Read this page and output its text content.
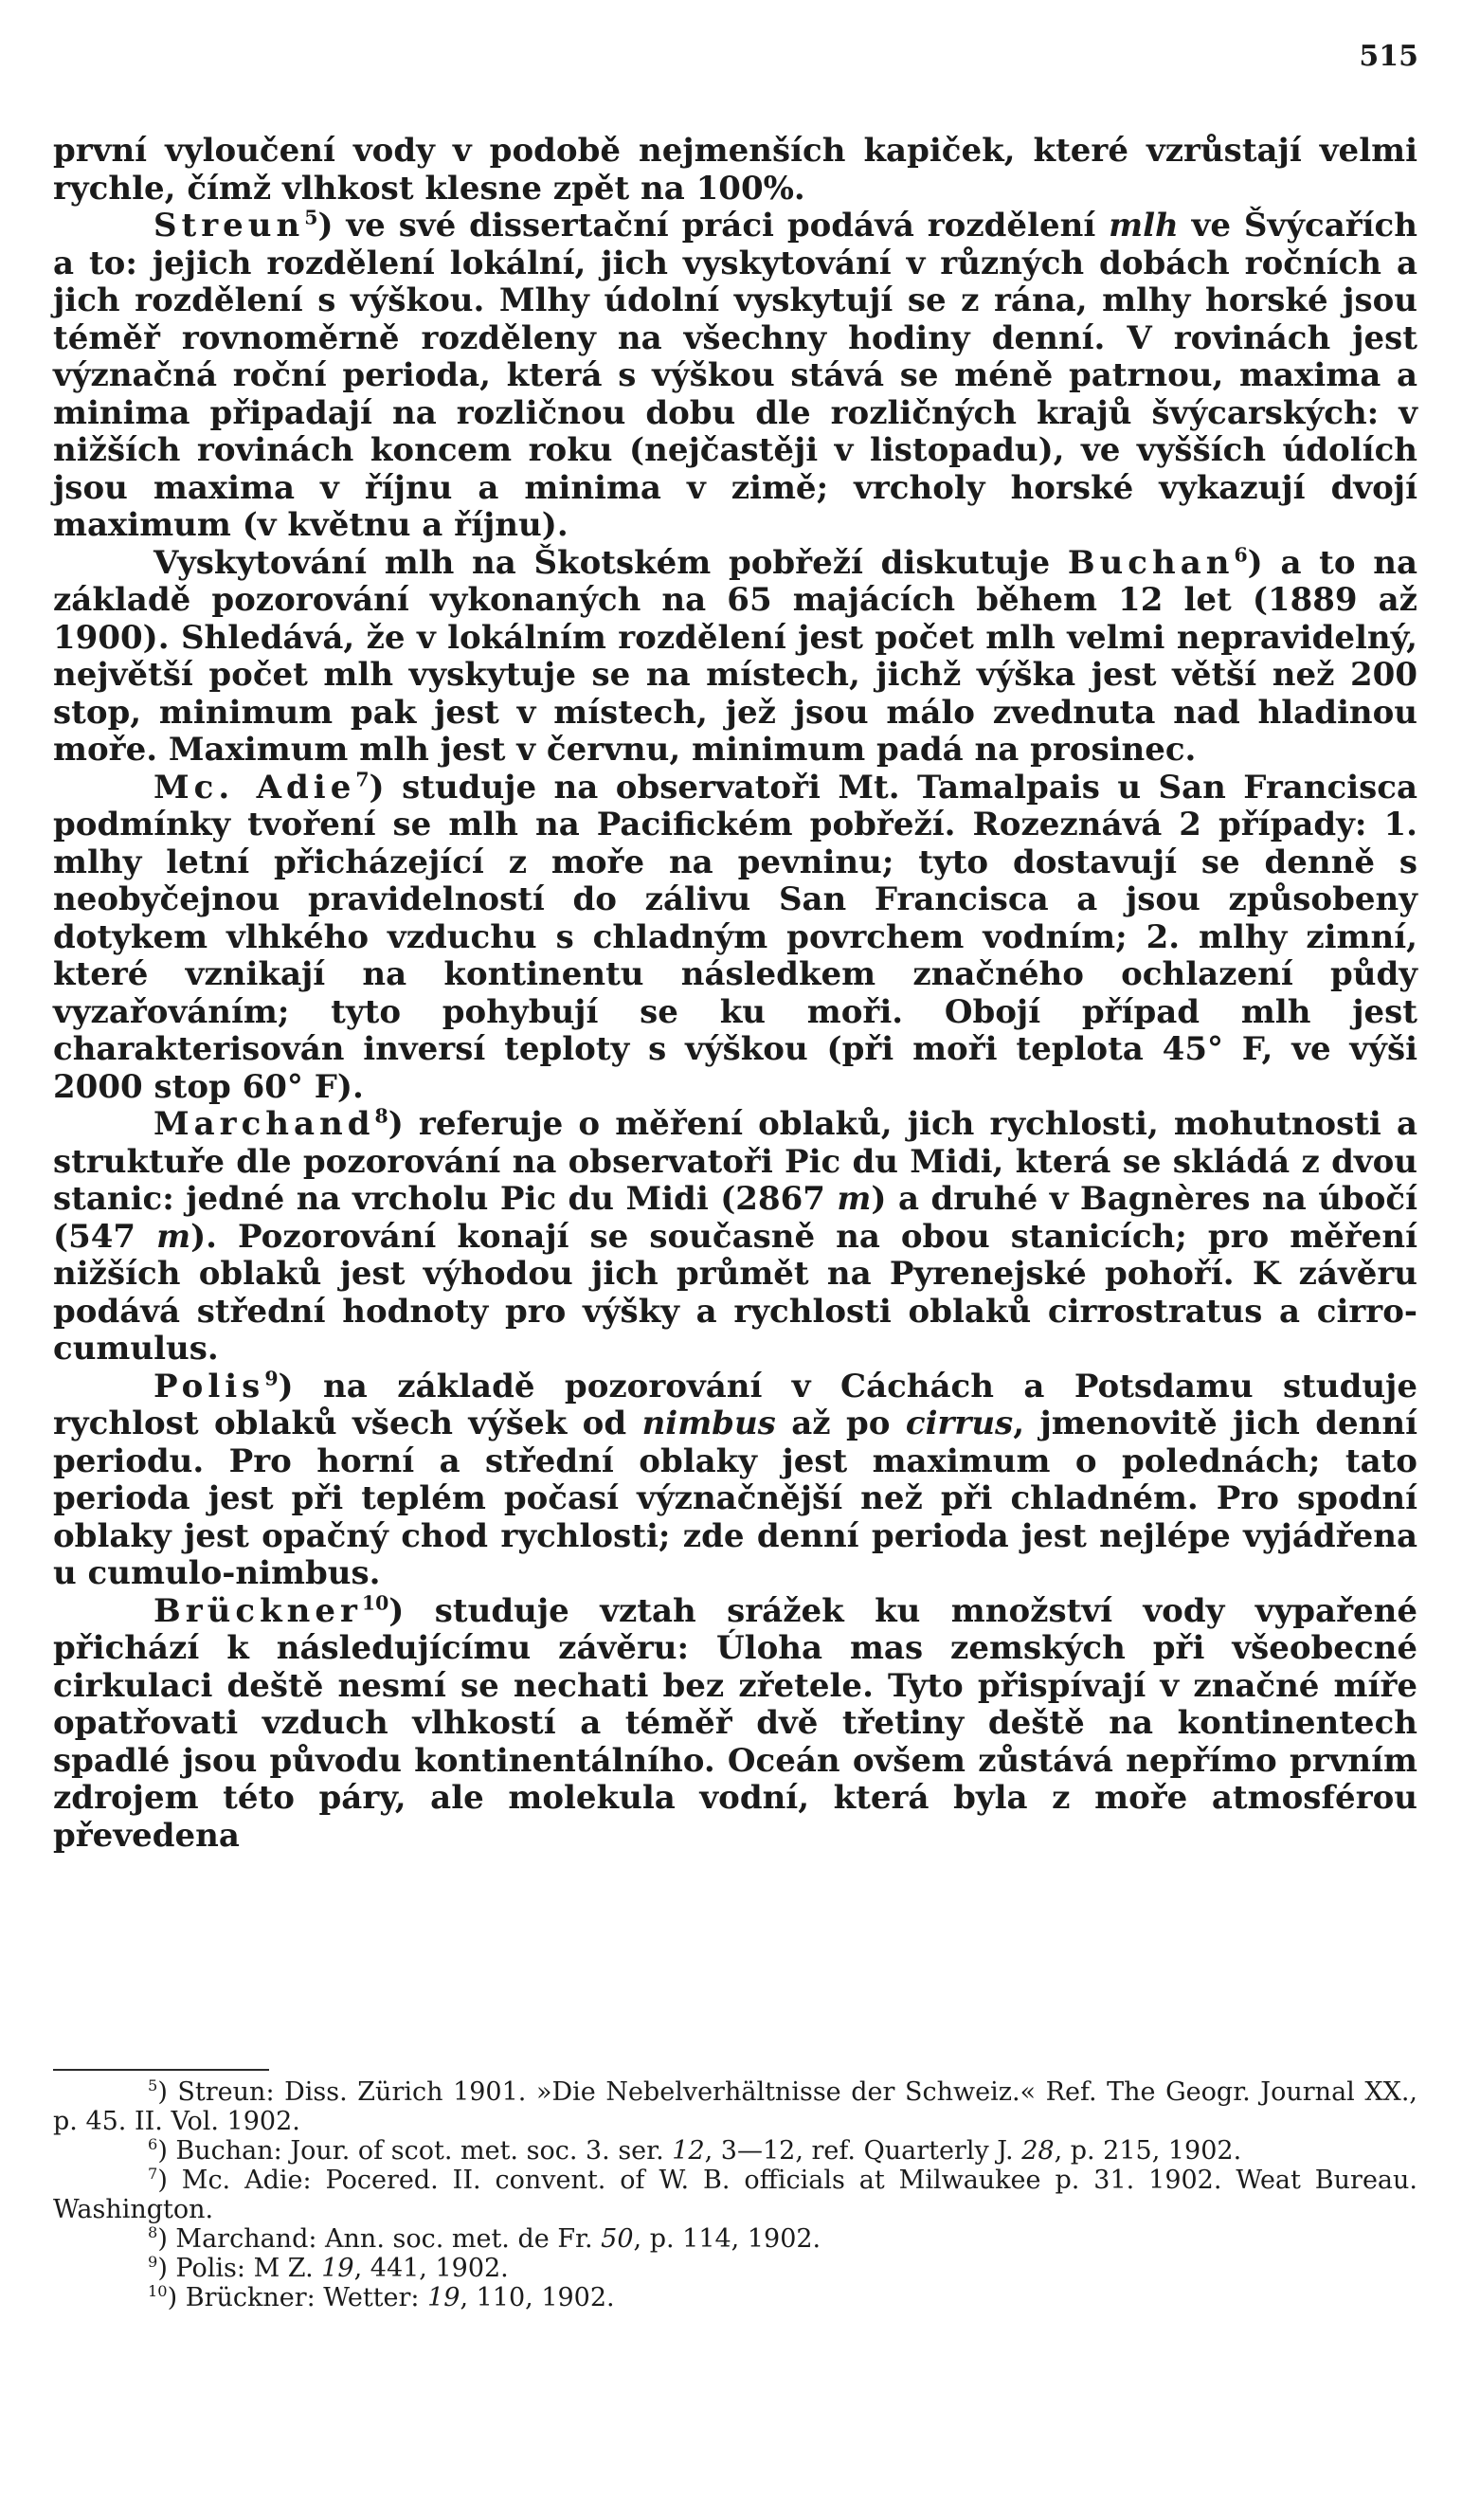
515

první vyloučení vody v podobě nejmenších kapiček, které vzrůstají velmi rychle, čímž vlhkost klesne zpět na 100%.

Streun$^5$) ve své dissertační práci podává rozdělení mlh ve Švýcařích a to: jejich rozdělení lokální, jich vyskytování v různých dobách ročních a jich rozdělení s výškou. Mlhy údolní vyskytují se z rána, mlhy horské jsou téměř rovnoměrně rozděleny na všechny hodiny denní. V rovinách jest význačná roční perioda, která s výškou stává se méně patrnou, maxima a minima připadají na rozličnou dobu dle rozličných krajů švýcarských: v nižších rovinách koncem roku (nejčastěji v listopadu), ve vyšších údolích jsou maxima v říjnu a minima v zimě; vrcholy horské vykazují dvojí maximum (v květnu a říjnu).

Vyskytování mlh na Škotském pobřeží diskutuje Buchan$^6$) a to na základě pozorování vykonaných na 65 majácích během 12 let (1889 až 1900). Shledává, že v lokálním rozdělení jest počet mlh velmi nepravidelný, největší počet mlh vyskytuje se na místech, jichž výška jest větší než 200 stop, minimum pak jest v místech, jež jsou málo zvednuta nad hladinou moře. Maximum mlh jest v červnu, minimum padá na prosinec.

Mc. Adie$^7$) studuje na observatoři Mt. Tamalpais u San Francisca podmínky tvoření se mlh na Pacifickém pobřeží. Rozeznává 2 případy: 1. mlhy letní přicházející z moře na pevninu; tyto dostavují se denně s neobyčejnou pravidelností do zálivu San Francisca a jsou způsobeny dotykem vlhkého vzduchu s chladným povrchem vodním; 2. mlhy zimní, které vznikají na kontinentu následkem značného ochlazení půdy vyzařováním; tyto pohybují se ku moři. Obojí případ mlh jest charakterisován inversí teploty s výškou (při moři teplota 45° F, ve výši 2000 stop 60° F).

Marchand$^8$) referuje o měření oblaků, jich rychlosti, mohutnosti a struktuře dle pozorování na observatoři Pic du Midi, která se skládá z dvou stanic: jedné na vrcholu Pic du Midi (2867 m) a druhé v Bagnères na úbočí (547 m). Pozorování konají se současně na obou stanicích; pro měření nižších oblaků jest výhodou jich průmět na Pyrenejské pohoří. K závěru podává střední hodnoty pro výšky a rychlosti oblaků cirrostratus a cirro-cumulus.

Polis$^9$) na základě pozorování v Cáchách a Potsdamu studuje rychlost oblaků všech výšek od nimbus až po cirrus, jmenovitě jich denní periodu. Pro horní a střední oblaky jest maximum o polednách; tato perioda jest při teplém počasí význačnější než při chladném. Pro spodní oblaky jest opačný chod rychlosti; zde denní perioda jest nejlépe vyjádřena u cumulo-nimbus.

Brückner$^{10}$) studuje vztah srážek ku množství vody vypařené přichází k následujícímu závěru: Úloha mas zemských při všeobecné cirkulaci deště nesmí se nechati bez zřetele. Tyto přispívají v značné míře opatřovati vzduch vlhkostí a téměř dvě třetiny deště na kontinentech spadlé jsou původu kontinentálního. Oceán ovšem zůstává nepřímo prvním zdrojem této páry, ale molekula vodní, která byla z moře atmosférou převedena

$^5$) Streun: Diss. Zürich 1901. »Die Nebelverhältnisse der Schweiz.« Ref. The Geogr. Journal XX., p. 45. II. Vol. 1902.

$^6$) Buchan: Jour. of scot. met. soc. 3. ser. 12, 3—12, ref. Quarterly J. 28, p. 215, 1902.

$^7$) Mc. Adie: Pocered. II. convent. of W. B. officials at Milwaukee p. 31. 1902. Weat Bureau. Washington.

$^8$) Marchand: Ann. soc. met. de Fr. 50, p. 114, 1902.

$^9$) Polis: M Z. 19, 441, 1902.

$^{10}$) Brückner: Wetter: 19, 110, 1902.
